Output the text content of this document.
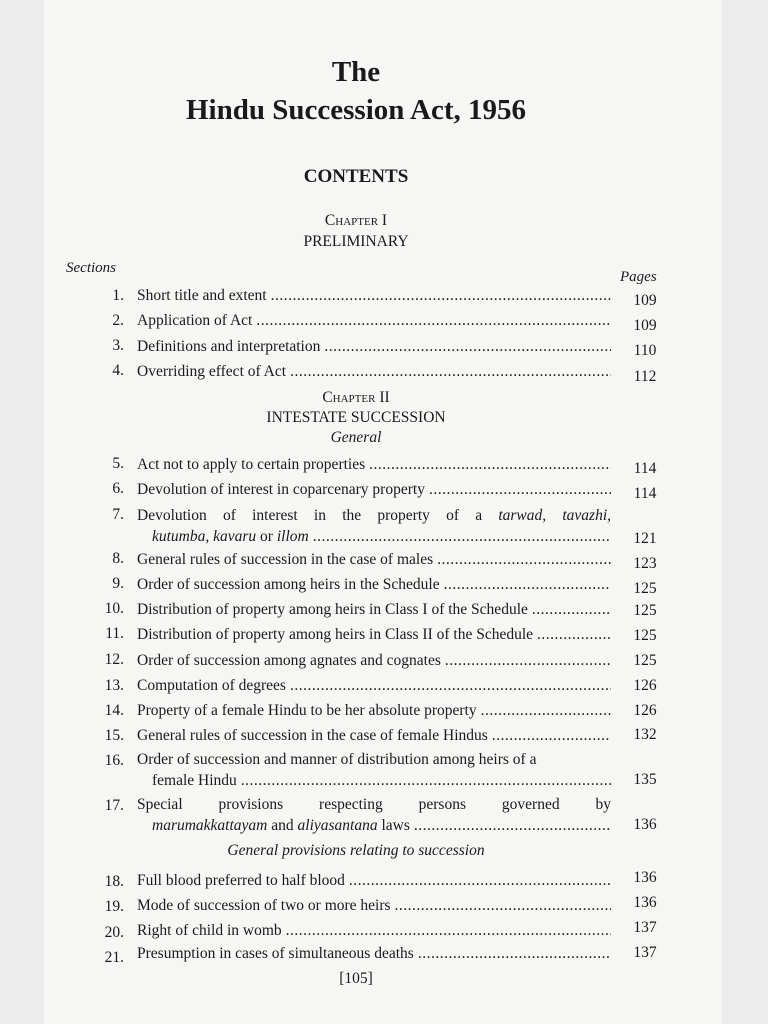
The
Hindu Succession Act, 1956
CONTENTS
Chapter I
PRELIMINARY
Sections
Pages
1. Short title and extent .....	109
2. Application of Act .....	109
3. Definitions and interpretation .....	110
4. Overriding effect of Act .....	112
Chapter II
INTESTATE SUCCESSION
General
5. Act not to apply to certain properties .....	114
6. Devolution of interest in coparcenary property .....	114
7. Devolution of interest in the property of a tarwad, tavazhi,
kutumba, kavaru or illom .....	121
8. General rules of succession in the case of males .....	123
9. Order of succession among heirs in the Schedule .....	125
10. Distribution of property among heirs in Class I of the Schedule .....	125
11. Distribution of property among heirs in Class II of the Schedule .....	125
12. Order of succession among agnates and cognates .....	125
13. Computation of degrees .....	126
14. Property of a female Hindu to be her absolute property .....	126
15. General rules of succession in the case of female Hindus .....	132
16. Order of succession and manner of distribution among heirs of a
female Hindu .....	135
17. Special provisions respecting persons governed by
marumakkattayam and aliyasantana laws .....	136
General provisions relating to succession
18. Full blood preferred to half blood .....	136
19. Mode of succession of two or more heirs .....	136
20. Right of child in womb .....	137
21. Presumption in cases of simultaneous deaths .....	137
[105]
